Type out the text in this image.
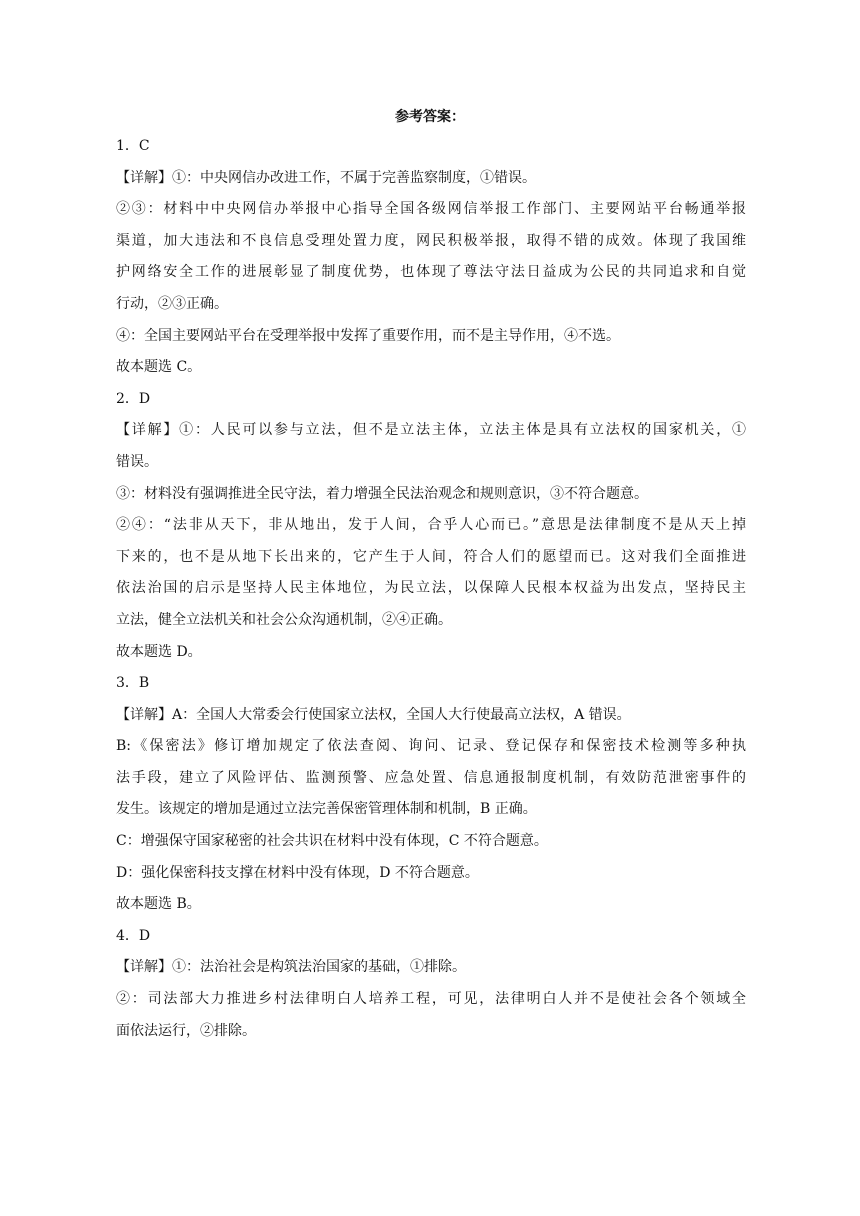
参考答案：
1．C
【详解】①：中央网信办改进工作，不属于完善监察制度，①错误。
②③：材料中中央网信办举报中心指导全国各级网信举报工作部门、主要网站平台畅通举报
渠道，加大违法和不良信息受理处置力度，网民积极举报，取得不错的成效。体现了我国维
护网络安全工作的进展彰显了制度优势，也体现了尊法守法日益成为公民的共同追求和自觉
行动，②③正确。
④：全国主要网站平台在受理举报中发挥了重要作用，而不是主导作用，④不选。
故本题选 C。
2．D
【详解】①：人民可以参与立法，但不是立法主体，立法主体是具有立法权的国家机关，①
错误。
③：材料没有强调推进全民守法，着力增强全民法治观念和规则意识，③不符合题意。
②④：“法非从天下，非从地出，发于人间，合乎人心而已。”意思是法律制度不是从天上掉
下来的，也不是从地下长出来的，它产生于人间，符合人们的愿望而已。这对我们全面推进
依法治国的启示是坚持人民主体地位，为民立法，以保障人民根本权益为出发点，坚持民主
立法，健全立法机关和社会公众沟通机制，②④正确。
故本题选 D。
3．B
【详解】A：全国人大常委会行使国家立法权，全国人大行使最高立法权，A 错误。
B:《保密法》修订增加规定了依法查阅、询问、记录、登记保存和保密技术检测等多种执
法手段，建立了风险评估、监测预警、应急处置、信息通报制度机制，有效防范泄密事件的
发生。该规定的增加是通过立法完善保密管理体制和机制，B 正确。
C：增强保守国家秘密的社会共识在材料中没有体现，C 不符合题意。
D：强化保密科技支撑在材料中没有体现，D 不符合题意。
故本题选 B。
4．D
【详解】①：法治社会是构筑法治国家的基础，①排除。
②：司法部大力推进乡村法律明白人培养工程，可见，法律明白人并不是使社会各个领域全
面依法运行，②排除。
